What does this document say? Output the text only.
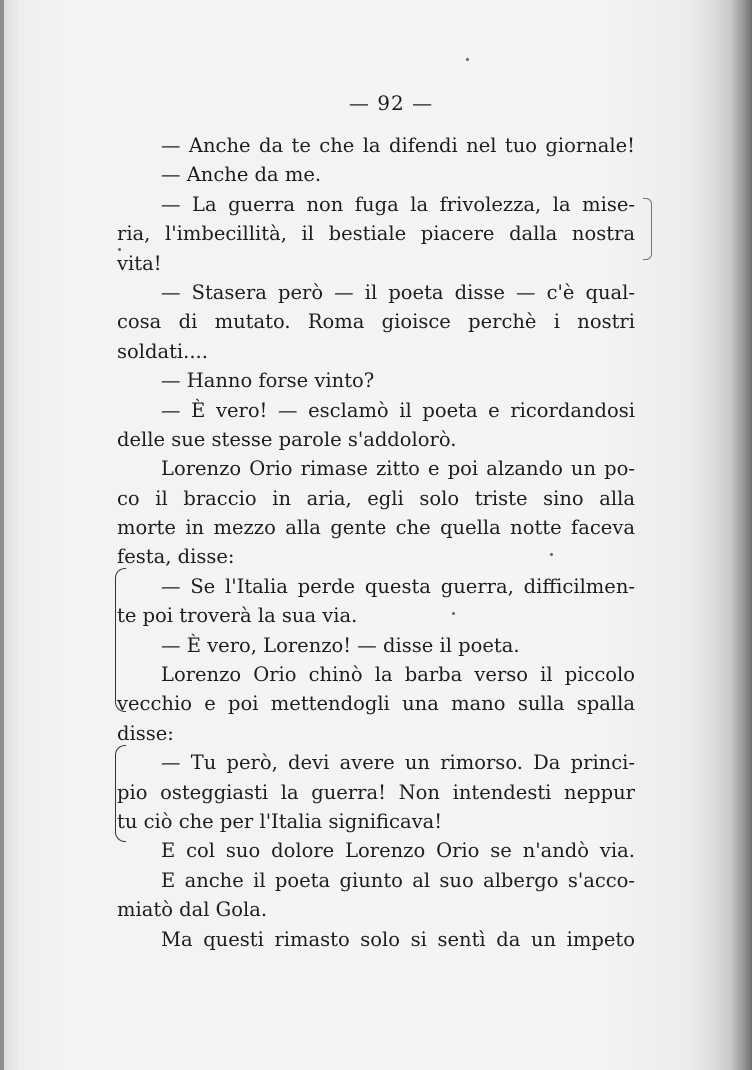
— 92 —
— Anche da te che la difendi nel tuo giornale!
— Anche da me.
— La guerra non fuga la frivolezza, la mise-
ria, l'imbecillità, il bestiale piacere dalla nostra
vita!
— Stasera però — il poeta disse — c'è qual-
cosa di mutato. Roma gioisce perchè i nostri
soldati....
— Hanno forse vinto?
— È vero! — esclamò il poeta e ricordandosi
delle sue stesse parole s'addolorò.
Lorenzo Orio rimase zitto e poi alzando un po-
co il braccio in aria, egli solo triste sino alla
morte in mezzo alla gente che quella notte faceva
festa, disse:
— Se l'Italia perde questa guerra, difficilmen-
te poi troverà la sua via.
— È vero, Lorenzo! — disse il poeta.
Lorenzo Orio chinò la barba verso il piccolo
vecchio e poi mettendogli una mano sulla spalla
disse:
— Tu però, devi avere un rimorso. Da princi-
pio osteggiasti la guerra! Non intendesti neppur
tu ciò che per l'Italia significava!
E col suo dolore Lorenzo Orio se n'andò via.
E anche il poeta giunto al suo albergo s'acco-
miatò dal Gola.
Ma questi rimasto solo si sentì da un impeto
